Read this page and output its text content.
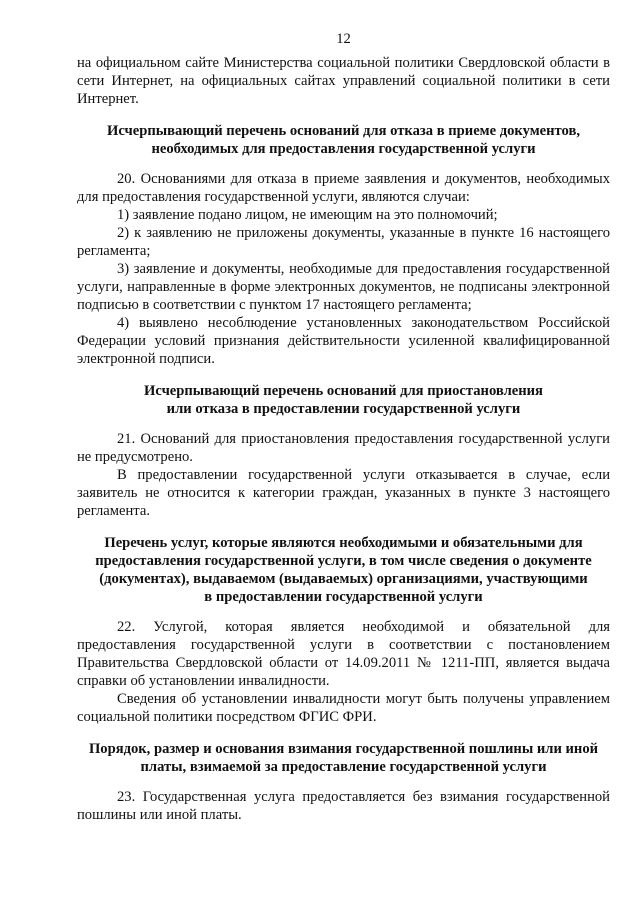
12

на официальном сайте Министерства социальной политики Свердловской области в сети Интернет, на официальных сайтах управлений социальной политики в сети Интернет.

Исчерпывающий перечень оснований для отказа в приеме документов,
необходимых для предоставления государственной услуги

20. Основаниями для отказа в приеме заявления и документов, необходимых для предоставления государственной услуги, являются случаи:

1) заявление подано лицом, не имеющим на это полномочий;

2) к заявлению не приложены документы, указанные в пункте 16 настоящего регламента;

3) заявление и документы, необходимые для предоставления государственной услуги, направленные в форме электронных документов, не подписаны электронной подписью в соответствии с пунктом 17 настоящего регламента;

4) выявлено несоблюдение установленных законодательством Российской Федерации условий признания действительности усиленной квалифицированной электронной подписи.

Исчерпывающий перечень оснований для приостановления
или отказа в предоставлении государственной услуги

21. Оснований для приостановления предоставления государственной услуги не предусмотрено.

В предоставлении государственной услуги отказывается в случае, если заявитель не относится к категории граждан, указанных в пункте 3 настоящего регламента.

Перечень услуг, которые являются необходимыми и обязательными для
предоставления государственной услуги, в том числе сведения о документе
(документах), выдаваемом (выдаваемых) организациями, участвующими
в предоставлении государственной услуги

22. Услугой, которая является необходимой и обязательной для предоставления государственной услуги в соответствии с постановлением Правительства Свердловской области от 14.09.2011 № 1211-ПП, является выдача справки об установлении инвалидности.

Сведения об установлении инвалидности могут быть получены управлением социальной политики посредством ФГИС ФРИ.

Порядок, размер и основания взимания государственной пошлины или иной
платы, взимаемой за предоставление государственной услуги

23. Государственная услуга предоставляется без взимания государственной пошлины или иной платы.
